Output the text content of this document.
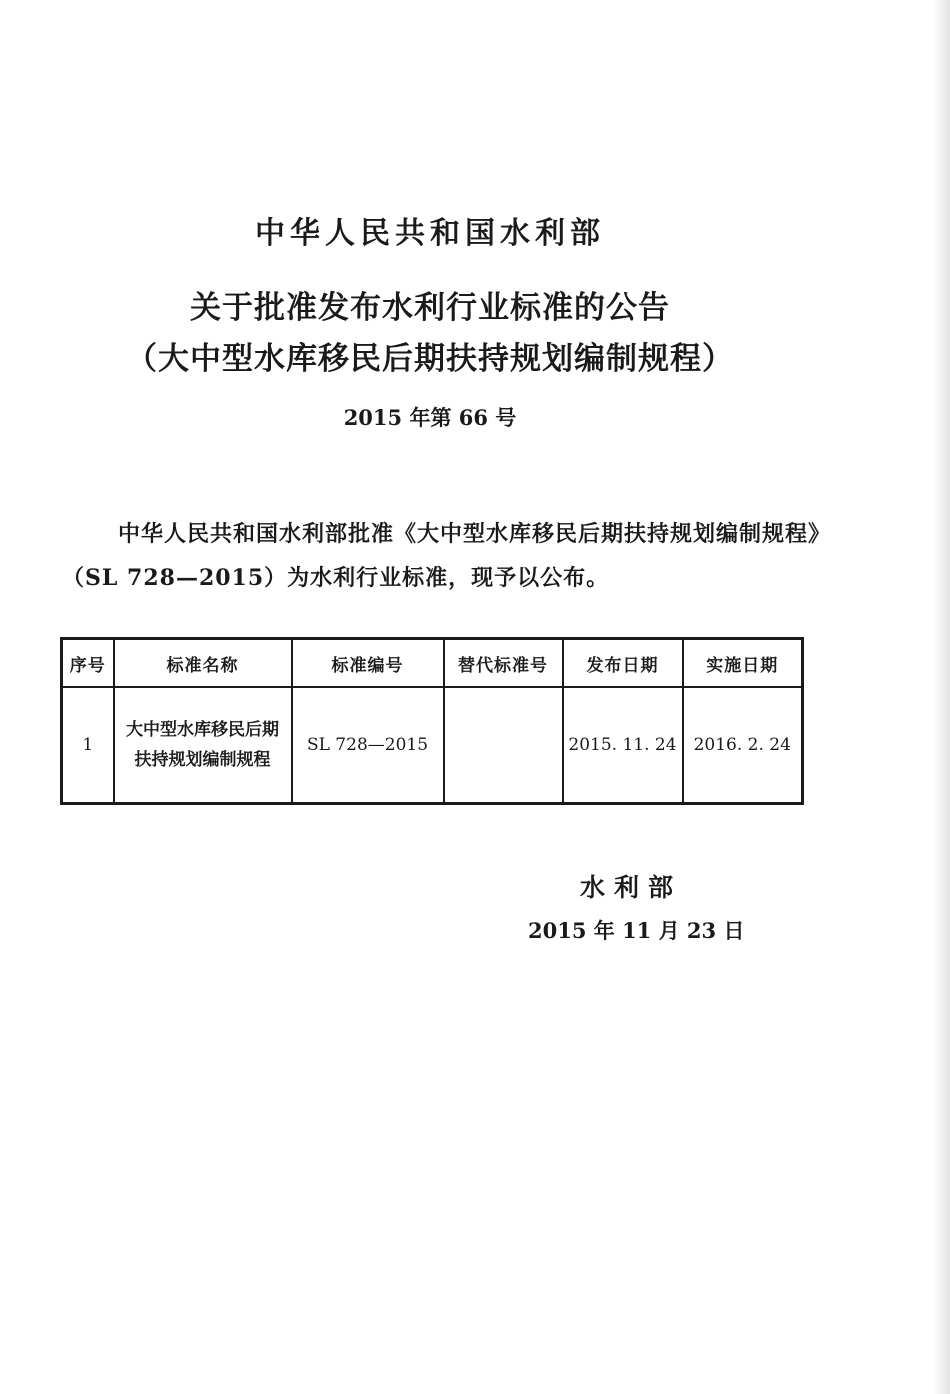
中华人民共和国水利部
关于批准发布水利行业标准的公告
（大中型水库移民后期扶持规划编制规程）
2015 年第 66 号
中华人民共和国水利部批准《大中型水库移民后期扶持规划编制规程》（SL 728—2015）为水利行业标准，现予以公布。
序号	标准名称	标准编号	替代标准号	发布日期	实施日期
1	大中型水库移民后期扶持规划编制规程	SL 728—2015		2015. 11. 24	2016. 2. 24
水利部
2015 年 11 月 23 日
